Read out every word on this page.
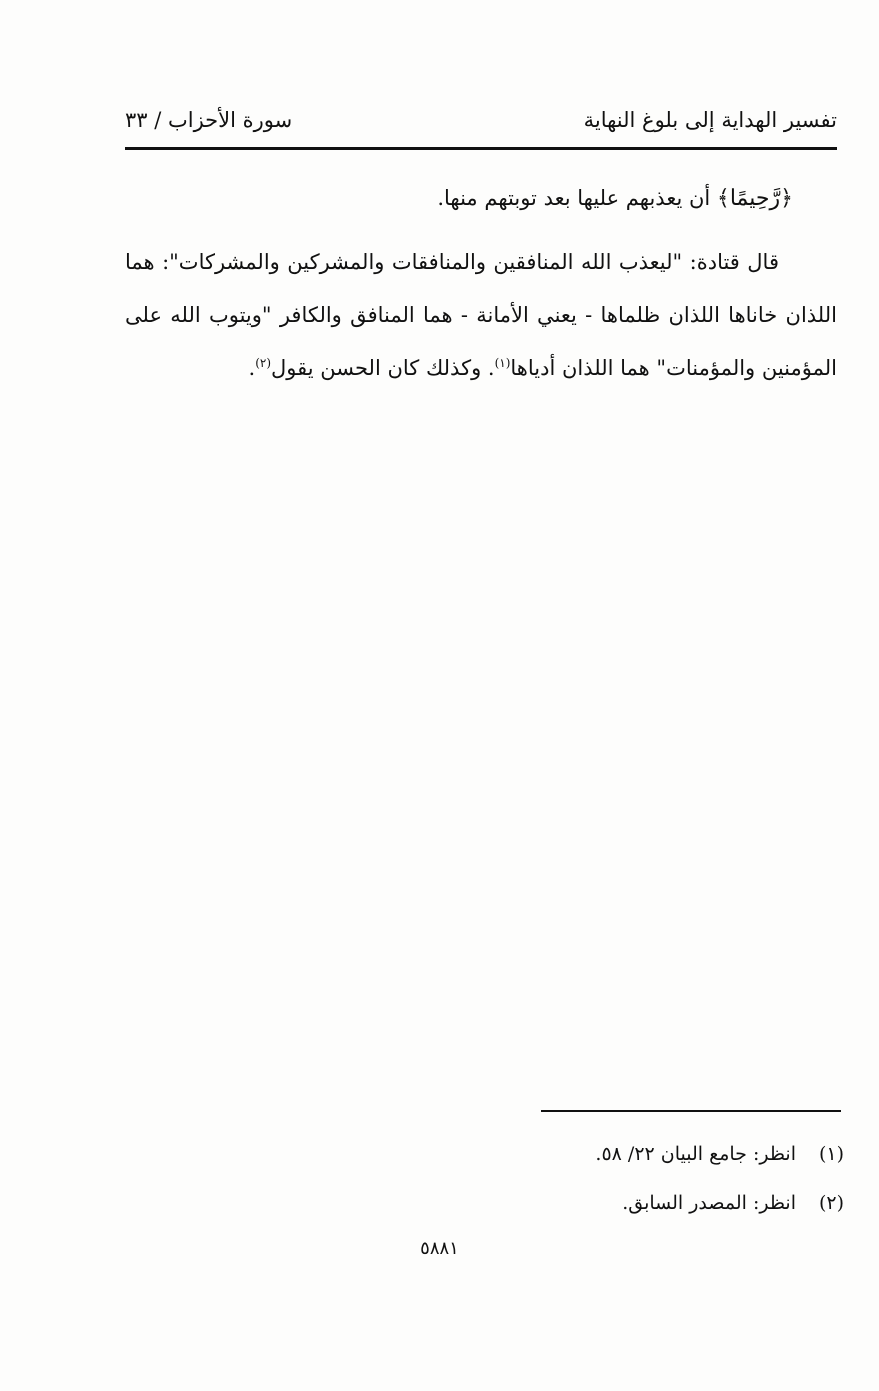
تفسير الهداية إلى بلوغ النهاية
سورة الأحزاب / ٣٣

﴿رَّحِيمًا﴾ أن يعذبهم عليها بعد توبتهم منها.

قال قتادة: "ليعذب الله المنافقين والمنافقات والمشركين والمشركات": هما اللذان خاناها اللذان ظلماها - يعني الأمانة - هما المنافق والكافر "ويتوب الله على المؤمنين والمؤمنات" هما اللذان أدياها$^{(١)}$. وكذلك كان الحسن يقول$^{(٢)}$.

(١)انظر: جامع البيان ٢٢/ ٥٨.
(٢)انظر: المصدر السابق.
٥٨٨١
